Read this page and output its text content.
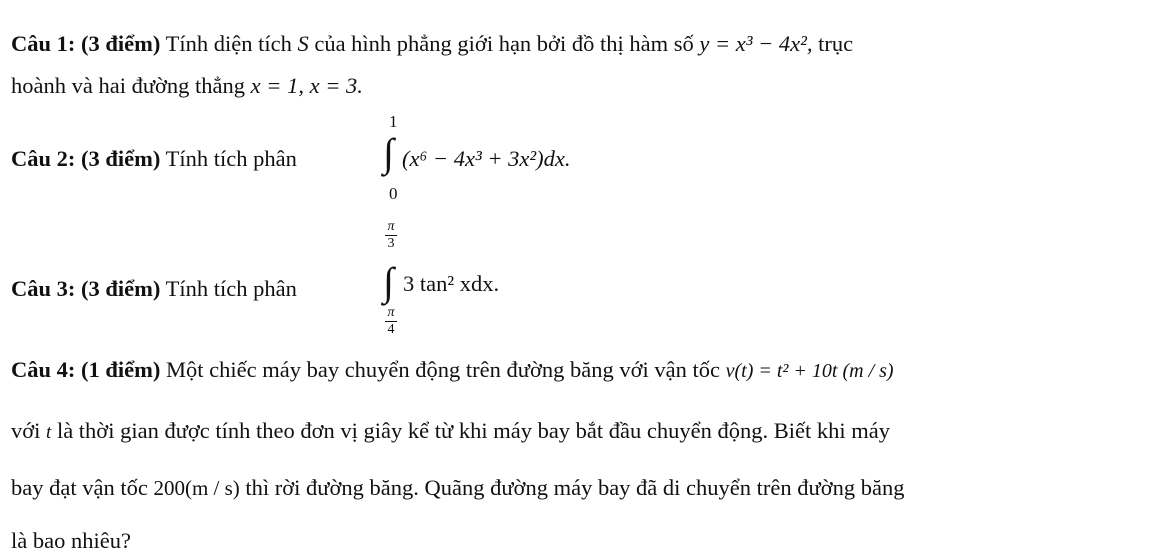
Câu 1: (3 điểm) Tính diện tích S của hình phẳng giới hạn bởi đồ thị hàm số y = x³ − 4x², trục
hoành và hai đường thẳng x = 1, x = 3.
Câu 2: (3 điểm) Tính tích phân
1
∫
0
(x⁶ − 4x³ + 3x²)dx.
Câu 3: (3 điểm) Tính tích phân
π
3
∫
π
4
3 tan² xdx.
Câu 4: (1 điểm) Một chiếc máy bay chuyển động trên đường băng với vận tốc v(t) = t² + 10t (m / s)
với t là thời gian được tính theo đơn vị giây kể từ khi máy bay bắt đầu chuyển động. Biết khi máy
bay đạt vận tốc 200(m / s) thì rời đường băng. Quãng đường máy bay đã di chuyển trên đường băng
là bao nhiêu?
